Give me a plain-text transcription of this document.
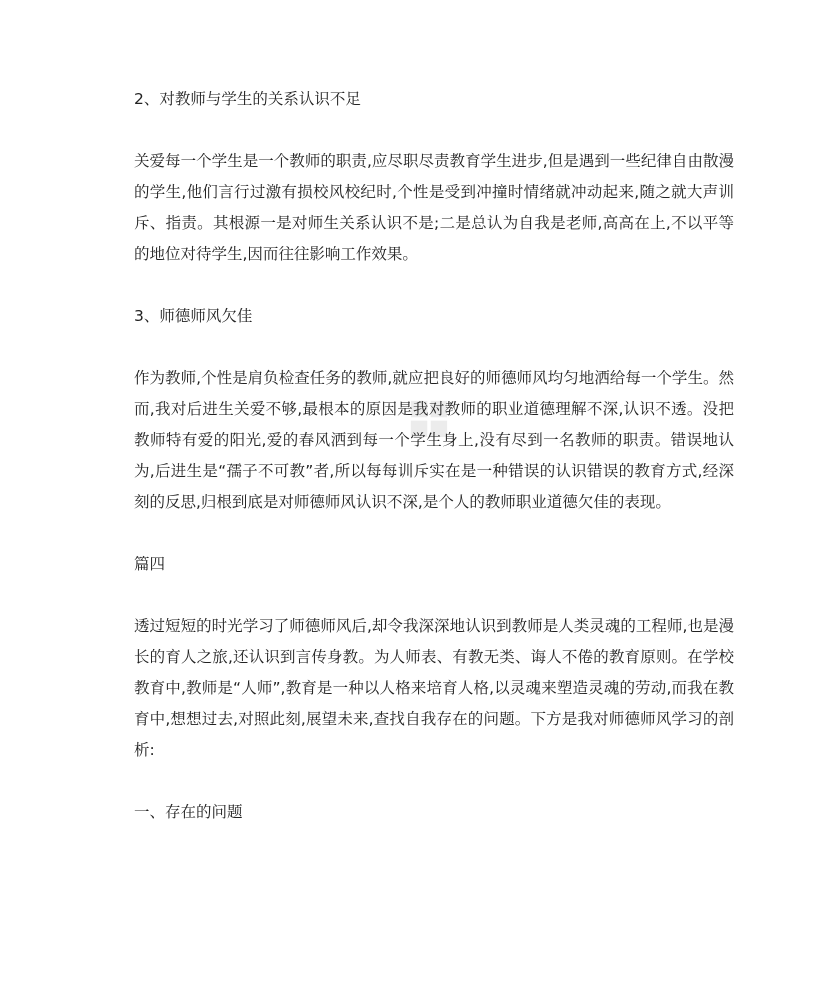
❖

2、对教师与学生的关系认识不足

关爱每一个学生是一个教师的职责,应尽职尽责教育学生进步,但是遇到一些纪律自由散漫的学生,他们言行过激有损校风校纪时,个性是受到冲撞时情绪就冲动起来,随之就大声训斥、指责。其根源一是对师生关系认识不是;二是总认为自我是老师,高高在上,不以平等的地位对待学生,因而往往影响工作效果。

3、师德师风欠佳

作为教师,个性是肩负检查任务的教师,就应把良好的师德师风均匀地洒给每一个学生。然而,我对后进生关爱不够,最根本的原因是我对教师的职业道德理解不深,认识不透。没把教师特有爱的阳光,爱的春风洒到每一个学生身上,没有尽到一名教师的职责。错误地认为,后进生是“孺子不可教”者,所以每每训斥实在是一种错误的认识错误的教育方式,经深刻的反思,归根到底是对师德师风认识不深,是个人的教师职业道德欠佳的表现。

篇四

透过短短的时光学习了师德师风后,却令我深深地认识到教师是人类灵魂的工程师,也是漫长的育人之旅,还认识到言传身教。为人师表、有教无类、诲人不倦的教育原则。在学校教育中,教师是“人师”,教育是一种以人格来培育人格,以灵魂来塑造灵魂的劳动,而我在教育中,想想过去,对照此刻,展望未来,查找自我存在的问题。下方是我对师德师风学习的剖析:

一、存在的问题
